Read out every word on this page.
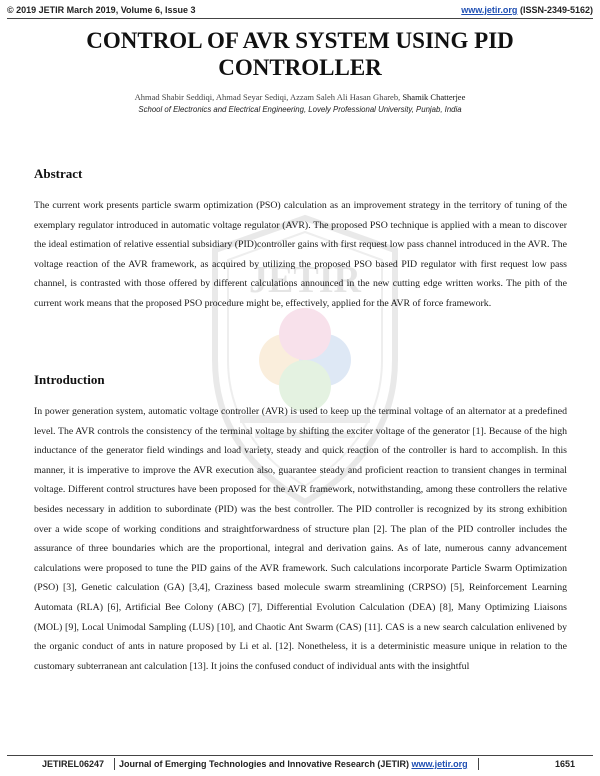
© 2019 JETIR March 2019, Volume 6, Issue 3	www.jetir.org (ISSN-2349-5162)
JETIR
CONTROL OF AVR SYSTEM USING PID
CONTROLLER
Ahmad Shabir Seddiqi, Ahmad Seyar Sediqi, Azzam Saleh Ali Hasan Ghareb, Shamik Chatterjee
School of Electronics and Electrical Engineering, Lovely Professional University, Punjab, India
Abstract

The current work presents particle swarm optimization (PSO) calculation as an improvement strategy in the territory of tuning of the exemplary regulator introduced in automatic voltage regulator (AVR). The proposed PSO technique is applied with a mean to discover the ideal estimation of relative essential subsidiary (PID)controller gains with first request low pass channel introduced in the AVR. The voltage reaction of the AVR framework, as acquired by utilizing the proposed PSO based PID regulator with first request low pass channel, is contrasted with those offered by different calculations announced in the new cutting edge written works. The pith of the current work means that the proposed PSO procedure might be, effectively, applied for the AVR of force framework.

Introduction

In power generation system, automatic voltage controller (AVR) is used to keep up the terminal voltage of an alternator at a predefined level. The AVR controls the consistency of the terminal voltage by shifting the exciter voltage of the generator [1]. Because of the high inductance of the generator field windings and load variety, steady and quick reaction of the controller is hard to accomplish. In this manner, it is imperative to improve the AVR execution also, guarantee steady and proficient reaction to transient changes in terminal voltage. Different control structures have been proposed for the AVR framework, notwithstanding, among these controllers the relative besides necessary in addition to subordinate (PID) was the best controller. The PID controller is recognized by its strong exhibition over a wide scope of working conditions and straightforwardness of structure plan [2]. The plan of the PID controller includes the assurance of three boundaries which are the proportional, integral and derivation gains. As of late, numerous canny advancement calculations were proposed to tune the PID gains of the AVR framework. Such calculations incorporate Particle Swarm Optimization (PSO) [3], Genetic calculation (GA) [3,4], Craziness based molecule swarm streamlining (CRPSO) [5], Reinforcement Learning Automata (RLA) [6], Artificial Bee Colony (ABC) [7], Differential Evolution Calculation (DEA) [8], Many Optimizing Liaisons (MOL) [9], Local Unimodal Sampling (LUS) [10], and Chaotic Ant Swarm (CAS) [11]. CAS is a new search calculation enlivened by the organic conduct of ants in nature proposed by Li et al. [12]. Nonetheless, it is a deterministic measure unique in relation to the customary subterranean ant calculation [13]. It joins the confused conduct of individual ants with the insightful

JETIREL06247	Journal of Emerging Technologies and Innovative Research (JETIR) www.jetir.org	1651
